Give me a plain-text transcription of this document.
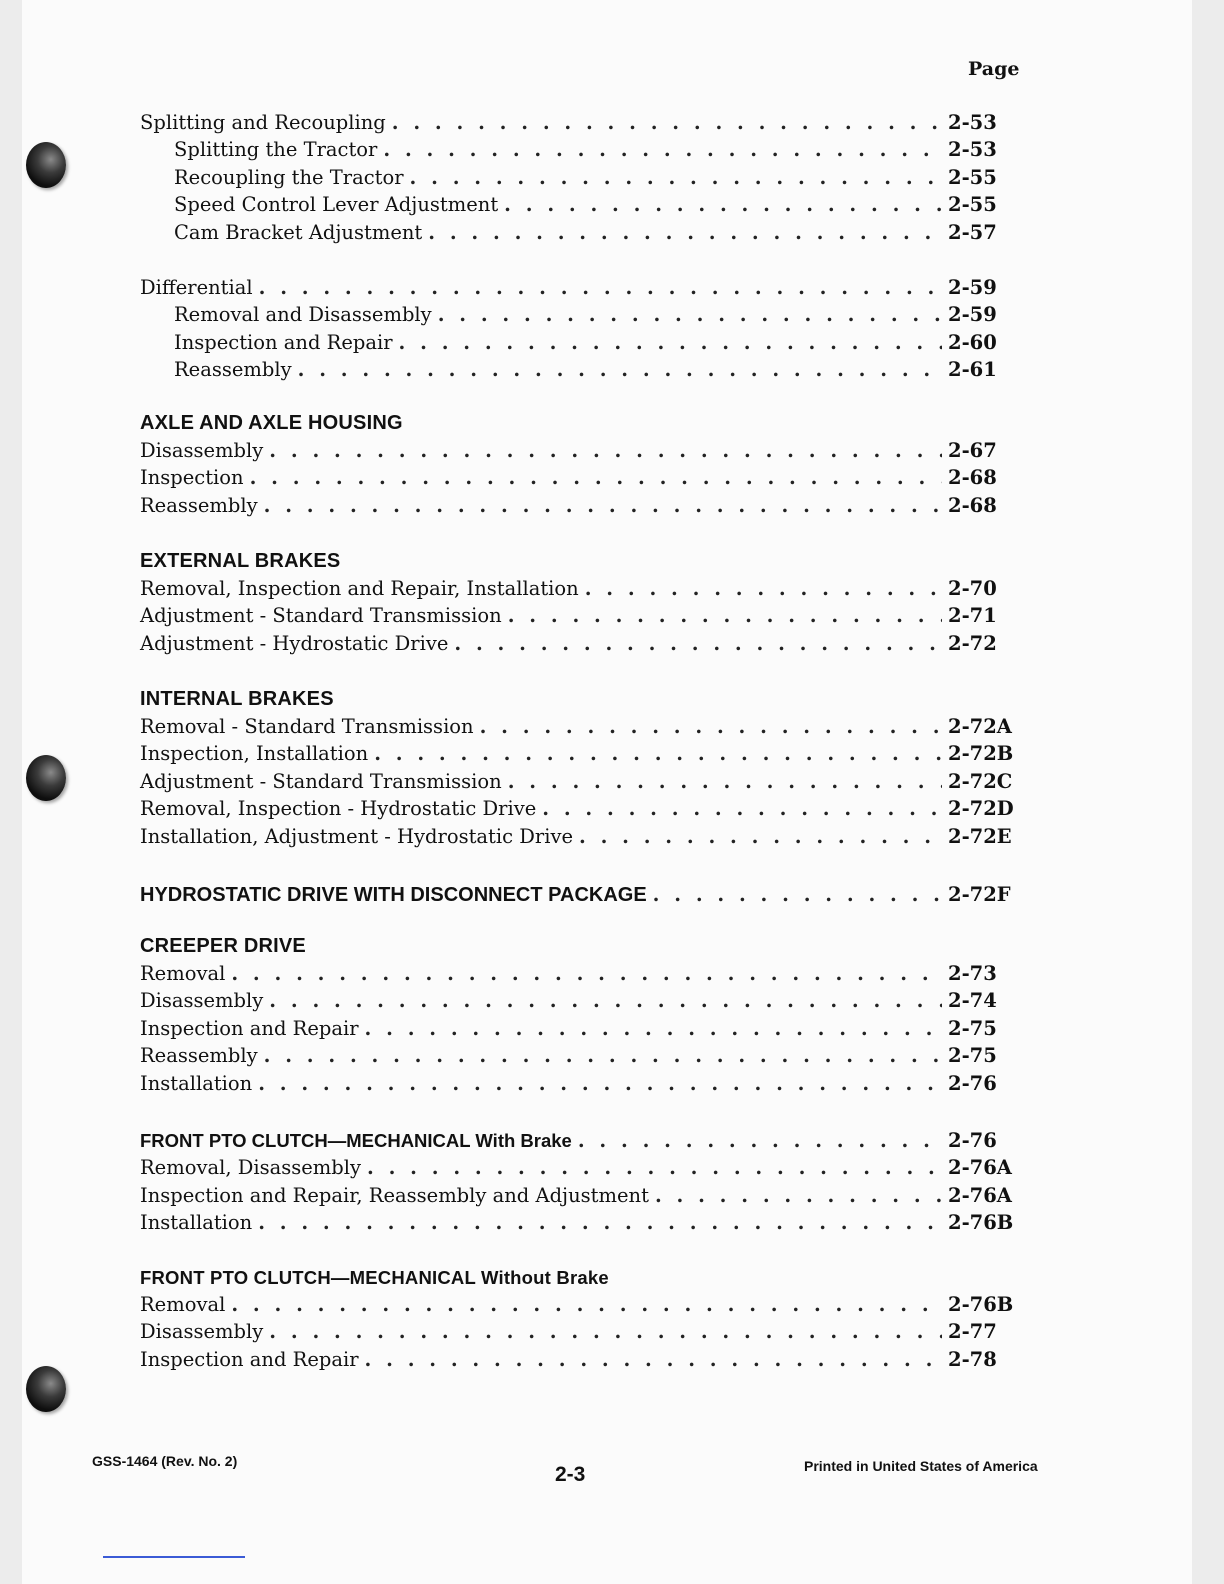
Page
Splitting and Recoupling . . .	2-53
Splitting the Tractor . . .	2-53
Recoupling the Tractor . . .	2-55
Speed Control Lever Adjustment . . .	2-55
Cam Bracket Adjustment . . .	2-57
Differential . . .	2-59
Removal and Disassembly . . .	2-59
Inspection and Repair . . .	2-60
Reassembly . . .	2-61
AXLE AND AXLE HOUSING
Disassembly . . .	2-67
Inspection . . .	2-68
Reassembly . . .	2-68
EXTERNAL BRAKES
Removal, Inspection and Repair, Installation . . .	2-70
Adjustment - Standard Transmission . . .	2-71
Adjustment - Hydrostatic Drive . . .	2-72
INTERNAL BRAKES
Removal - Standard Transmission . . .	2-72A
Inspection, Installation . . .	2-72B
Adjustment - Standard Transmission . . .	2-72C
Removal, Inspection - Hydrostatic Drive . . .	2-72D
Installation, Adjustment - Hydrostatic Drive . . .	2-72E
HYDROSTATIC DRIVE WITH DISCONNECT PACKAGE . . .	2-72F
CREEPER DRIVE
Removal . . .	2-73
Disassembly . . .	2-74
Inspection and Repair . . .	2-75
Reassembly . . .	2-75
Installation . . .	2-76
FRONT PTO CLUTCH—MECHANICAL With Brake . . .	2-76
Removal, Disassembly . . .	2-76A
Inspection and Repair, Reassembly and Adjustment . . .	2-76A
Installation . . .	2-76B
FRONT PTO CLUTCH—MECHANICAL Without Brake
Removal . . .	2-76B
Disassembly . . .	2-77
Inspection and Repair . . .	2-78
GSS-1464 (Rev. No. 2)
2-3	Printed in United States of America
